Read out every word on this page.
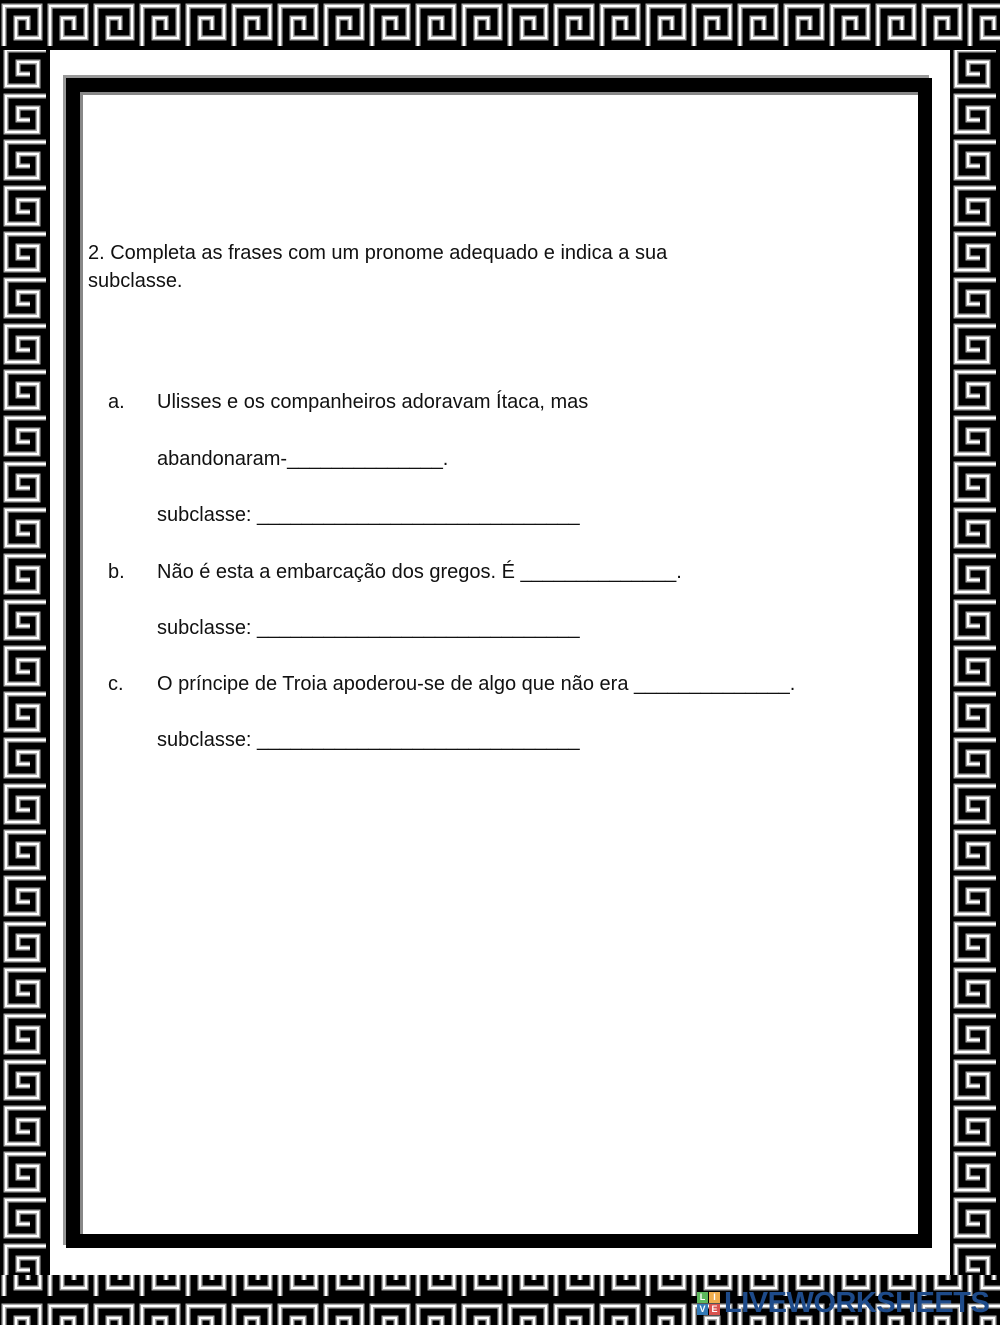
2. Completa as frases com um pronome adequado e indica a sua
subclasse.
a. Ulisses e os companheiros adoravam Ítaca, mas
abandonaram-______________.
subclasse: _____________________________
b. Não é esta a embarcação dos gregos. É ______________.
subclasse: _____________________________
c. O príncipe de Troia apoderou-se de algo que não era ______________.
subclasse: _____________________________
L I
V E LIVEWORKSHEETS
